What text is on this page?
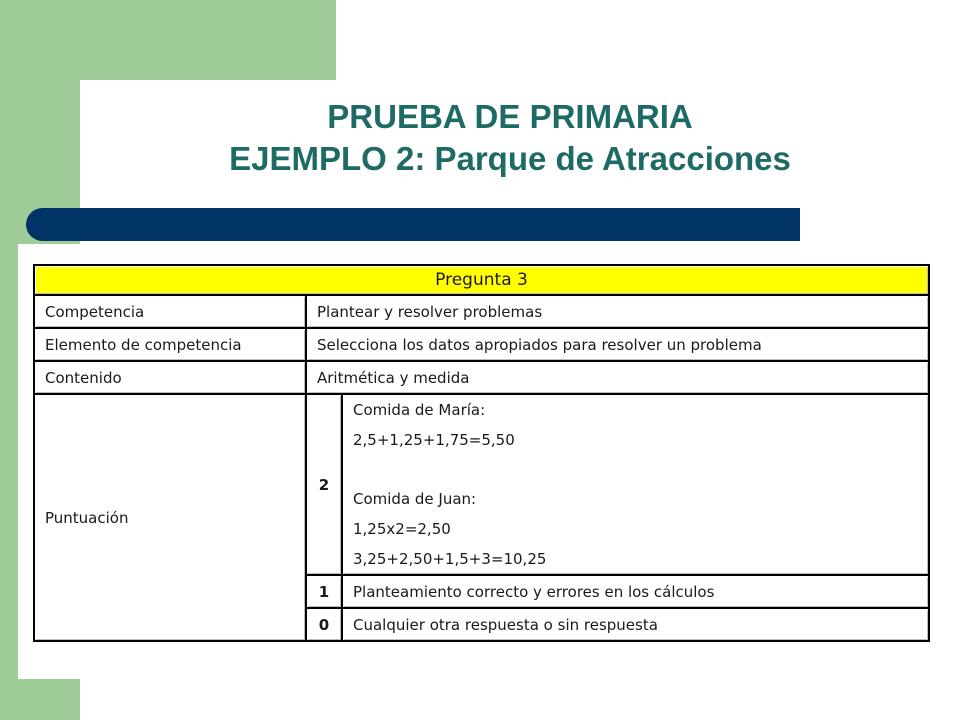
PRUEBA DE PRIMARIA
EJEMPLO 2: Parque de Atracciones
Pregunta 3		
Competencia	Plantear y resolver problemas	
Elemento de competencia	Selecciona los datos apropiados para resolver un problema	
Contenido	Aritmética y medida	
Puntuación	2	Comida de María:
2,5+1,25+1,75=5,50
Comida de Juan:
1,25x2=2,50
3,25+2,50+1,5+3=10,25

	1	Planteamiento correcto y errores en los cálculos
	0	Cualquier otra respuesta o sin respuesta
